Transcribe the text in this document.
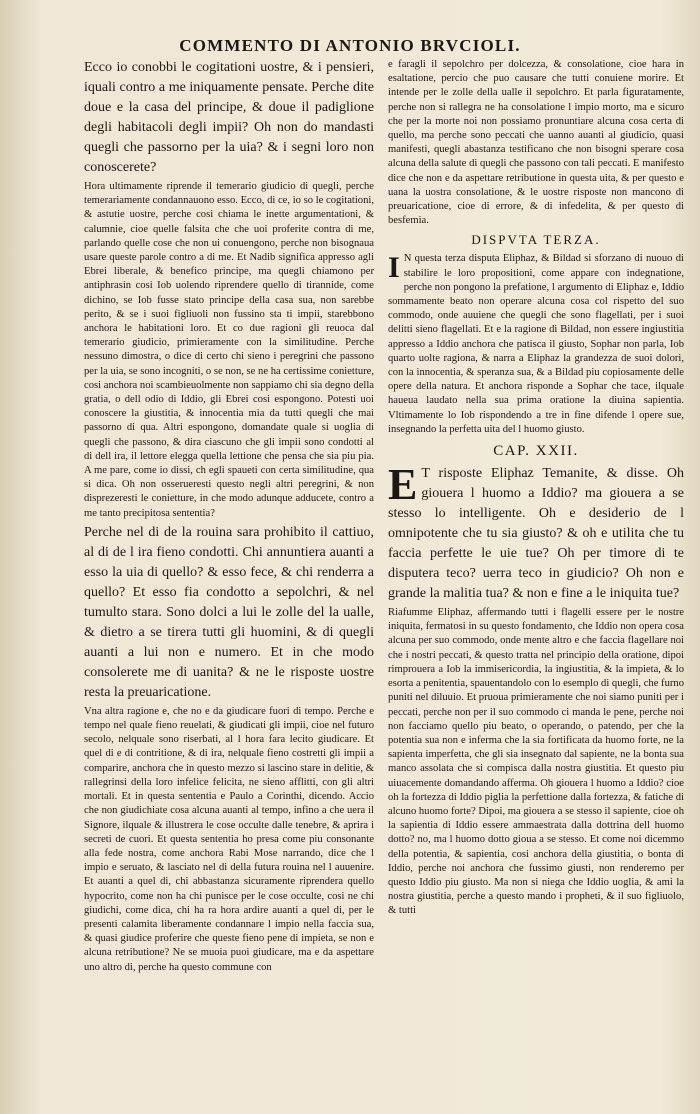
COMMENTO DI ANTONIO BRVCIOLI.

Ecco io conobbi le cogitationi uostre, & i pensieri, iquali contro a me iniquamente pensate. Perche dite doue e la casa del principe, & doue il padiglione degli habitacoli degli impii? Oh non do mandasti quegli che passorno per la uia? & i segni loro non conoscerete?

Hora ultimamente riprende il temerario giudicio di quegli, perche temerariamente condannauono esso. Ecco, di ce, io so le cogitationi, & astutie uostre, perche cosi chiama le inette argumentationi, & calumnie, cioe quelle falsita che che uoi proferite contra di me, parlando quelle cose che non ui conuengono, perche non bisognaua usare queste parole contro a di me. Et Nadib significa appresso agli Ebrei liberale, & benefico principe, ma quegli chiamono per antiphrasin cosi Iob uolendo riprendere quello di tirannide, come dichino, se Iob fusse stato principe della casa sua, non sarebbe perito, & se i suoi figliuoli non fussino sta ti impii, starebbono anchora le habitationi loro. Et co due ragioni gli reuoca dal temerario giudicio, primieramente con la similitudine. Perche nessuno dimostra, o dice di certo chi sieno i peregrini che passono per la uia, se sono incogniti, o se non, se ne ha certissime conietture, cosi anchora noi scambieuolmente non sappiamo chi sia degno della gratia, o dell odio di Iddio, gli Ebrei cosi espongono. Potesti uoi conoscere la giustitia, & innocentia mia da tutti quegli che mai passorno di qua. Altri espongono, domandate quale si uoglia di quegli che passono, & dira ciascuno che gli impii sono condotti al di dell ira, il lettore elegga quella lettione che pensa che sia piu pia. A me pare, come io dissi, ch egli spaueti con certa similitudine, qua si dica. Oh non osserueresti questo negli altri peregrini, & non disprezeresti le conietture, in che modo adunque adducete, contro a me tanto precipitosa sententia?

Perche nel di de la rouina sara prohibito il cattiuo, al di de l ira fieno condotti. Chi annuntiera auanti a esso la uia di quello? & esso fece, & chi renderra a quello? Et esso fia condotto a sepolchri, & nel tumulto stara. Sono dolci a lui le zolle del la ualle, & dietro a se tirera tutti gli huomini, & di quegli auanti a lui non e numero. Et in che modo consolerete me di uanita? & ne le risposte uostre resta la preuaricatione.

Vna altra ragione e, che no e da giudicare fuori di tempo. Perche e tempo nel quale fieno reuelati, & giudicati gli impii, cioe nel futuro secolo, nelquale sono riserbati, al l hora fara lecito giudicare. Et quel di e di contritione, & di ira, nelquale fieno costretti gli impii a comparire, anchora che in questo mezzo si lascino stare in delitie, & rallegrinsi della loro infelice felicita, ne sieno afflitti, con gli altri mortali. Et in questa sententia e Paulo a Corinthi, dicendo. Accio che non giudichiate cosa alcuna auanti al tempo, infino a che uera il Signore, ilquale & illustrera le cose occulte dalle tenebre, & aprira i secreti de cuori. Et questa sententia ho presa come piu consonante alla fede nostra, come anchora Rabi Mose narrando, dice che l impio e seruato, & lasciato nel di della futura rouina nel l auuenire. Et auanti a quel di, chi abbastanza sicuramente riprendera quello hypocrito, come non ha chi punisce per le cose occulte, cosi ne chi giudichi, come dica, chi ha ra hora ardire auanti a quel di, per le presenti calamita liberamente condannare l impio nella faccia sua, & quasi giudice proferire che queste fieno pene di impieta, se non e alcuna retributione? Ne se muoia puoi giudicare, ma e da aspettare uno altro di, perche ha questo commune con

e faragli il sepolchro per dolcezza, & consolatione, cioe hara in esaltatione, percio che puo causare che tutti conuiene morire. Et intende per le zolle della ualle il sepolchro. Et parla figuratamente, perche non si rallegra ne ha consolatione l impio morto, ma e sicuro che per la morte noi non possiamo pronuntiare alcuna cosa certa di quello, ma perche sono peccati che uanno auanti al giudicio, quasi manifesti, quegli abastanza testificano che non bisogni sperare cosa alcuna della salute di quegli che passono con tali peccati. E manifesto dice che non e da aspettare retributione in questa uita, & per questo e uana la uostra consolatione, & le uostre risposte non mancono di preuaricatione, cioe di errore, & di infedelita, & per questo di besfemia.

DISPVTA TERZA.

I N questa terza disputa Eliphaz, & Bildad si sforzano di nuouo di stabilire le loro propositioni, come appare con indegnatione, perche non pongono la prefatione, l argumento di Eliphaz e, Iddio sommamente beato non operare alcuna cosa col rispetto del suo commodo, onde auuiene che quegli che sono flagellati, per i suoi delitti sieno flagellati. Et e la ragione di Bildad, non essere ingiustitia appresso a Iddio anchora che patisca il giusto, Sophar non parla, Iob quarto uolte ragiona, & narra a Eliphaz la grandezza de suoi dolori, con la innocentia, & speranza sua, & a Bildad piu copiosamente delle opere della natura. Et anchora risponde a Sophar che tace, ilquale haueua laudato nella sua prima oratione la diuina sapientia. Vltimamente lo Iob rispondendo a tre in fine difende l opere sue, insegnando la perfetta uita del l huomo giusto.

CAP. XXII.

E T risposte Eliphaz Temanite, & disse. Oh giouera l huomo a Iddio? ma giouera a se stesso lo intelligente. Oh e desiderio de l omnipotente che tu sia giusto? & oh e utilita che tu faccia perfette le uie tue? Oh per timore di te disputera teco? uerra teco in giudicio? Oh non e grande la malitia tua? & non e fine a le iniquita tue?

Riafumme Eliphaz, affermando tutti i flagelli essere per le nostre iniquita, fermatosi in su questo fondamento, che Iddio non opera cosa alcuna per suo commodo, onde mente altro e che faccia flagellare noi che i nostri peccati, & questo tratta nel principio della oratione, dipoi rimprouera a Iob la immisericordia, la ingiustitia, & la impieta, & lo esorta a penitentia, spauentandolo con lo esemplo di quegli, che furno puniti nel diluuio. Et pruoua primieramente che noi siamo puniti per i peccati, perche non per il suo commodo ci manda le pene, perche noi non facciamo quello piu beato, o operando, o patendo, per che la potentia sua non e inferma che la sia fortificata da huomo forte, ne la sapienta imperfetta, che gli sia insegnato dal sapiente, ne la bonta sua manco assolata che si compisca dalla nostra giustitia. Et questo piu uiuacemente domandando afferma. Oh giouera l huomo a Iddio? cioe oh la fortezza di Iddio piglia la perfettione dalla fortezza, & fatiche di alcuno huomo forte? Dipoi, ma giouera a se stesso il sapiente, cioe oh la sapientia di Iddio essere ammaestrata dalla dottrina dell huomo dotto? no, ma l huomo dotto gioua a se stesso. Et come noi dicemmo della potentia, & sapientia, cosi anchora della giustitia, o bonta di Iddio, perche noi anchora che fussimo giusti, non renderemo per questo Iddio piu giusto. Ma non si niega che Iddio uoglia, & ami la nostra giustitia, perche a questo mando i propheti, & il suo figliuolo, & tutti
